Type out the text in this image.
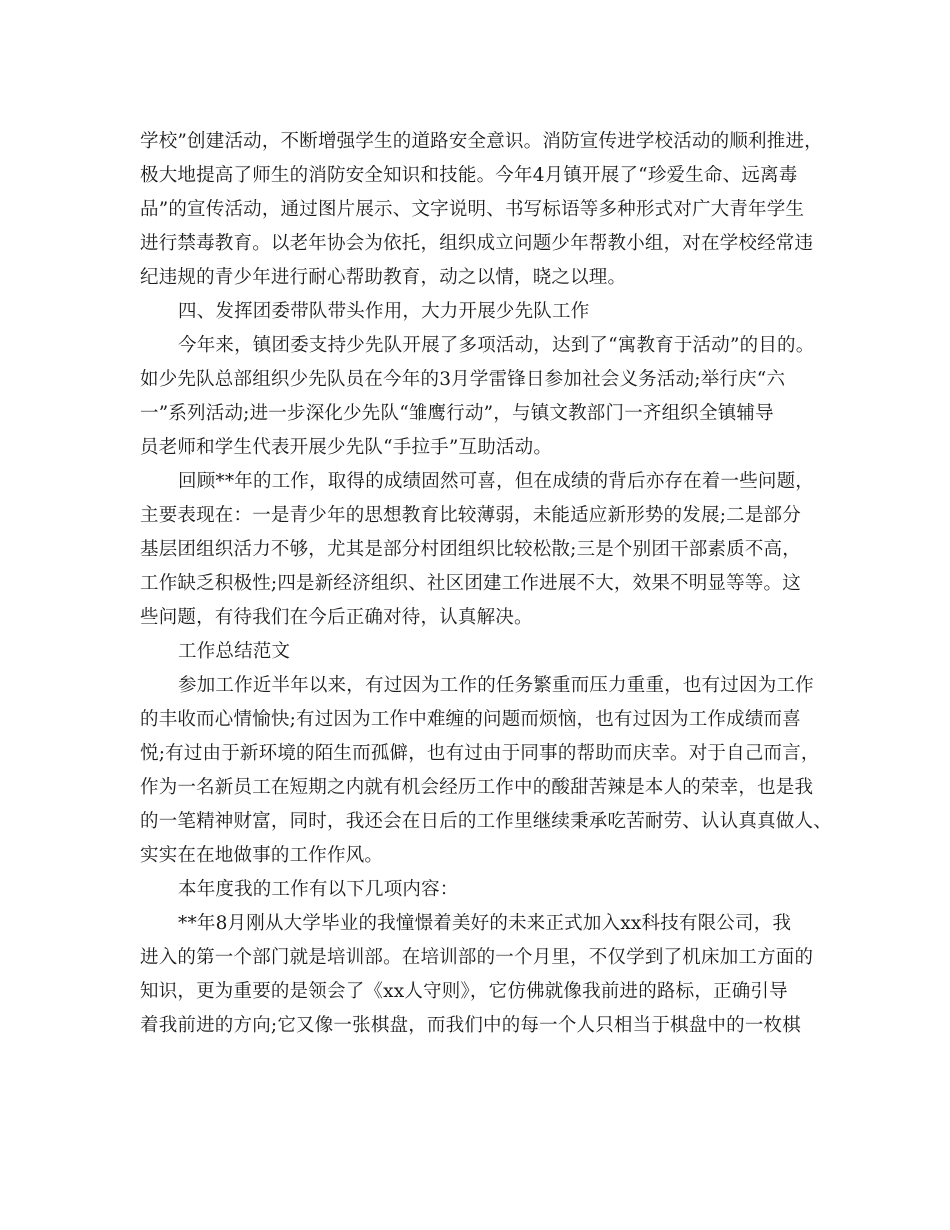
学校”创建活动，不断增强学生的道路安全意识。消防宣传进学校活动的顺利推进，
极大地提高了师生的消防安全知识和技能。今年4月镇开展了“珍爱生命、远离毒
品”的宣传活动，通过图片展示、文字说明、书写标语等多种形式对广大青年学生
进行禁毒教育。以老年协会为依托，组织成立问题少年帮教小组，对在学校经常违
纪违规的青少年进行耐心帮助教育，动之以情，晓之以理。
四、发挥团委带队带头作用，大力开展少先队工作
今年来，镇团委支持少先队开展了多项活动，达到了“寓教育于活动”的目的。
如少先队总部组织少先队员在今年的3月学雷锋日参加社会义务活动;举行庆“六
一”系列活动;进一步深化少先队“雏鹰行动”，与镇文教部门一齐组织全镇辅导
员老师和学生代表开展少先队“手拉手”互助活动。
回顾**年的工作，取得的成绩固然可喜，但在成绩的背后亦存在着一些问题，
主要表现在：一是青少年的思想教育比较薄弱，未能适应新形势的发展;二是部分
基层团组织活力不够，尤其是部分村团组织比较松散;三是个别团干部素质不高，
工作缺乏积极性;四是新经济组织、社区团建工作进展不大，效果不明显等等。这
些问题，有待我们在今后正确对待，认真解决。
工作总结范文
参加工作近半年以来，有过因为工作的任务繁重而压力重重，也有过因为工作
的丰收而心情愉快;有过因为工作中难缠的问题而烦恼，也有过因为工作成绩而喜
悦;有过由于新环境的陌生而孤僻，也有过由于同事的帮助而庆幸。对于自己而言，
作为一名新员工在短期之内就有机会经历工作中的酸甜苦辣是本人的荣幸，也是我
的一笔精神财富，同时，我还会在日后的工作里继续秉承吃苦耐劳、认认真真做人、
实实在在地做事的工作作风。
本年度我的工作有以下几项内容：
**年8月刚从大学毕业的我憧憬着美好的未来正式加入xx科技有限公司，我
进入的第一个部门就是培训部。在培训部的一个月里，不仅学到了机床加工方面的
知识，更为重要的是领会了《xx人守则》，它仿佛就像我前进的路标，正确引导
着我前进的方向;它又像一张棋盘，而我们中的每一个人只相当于棋盘中的一枚棋
